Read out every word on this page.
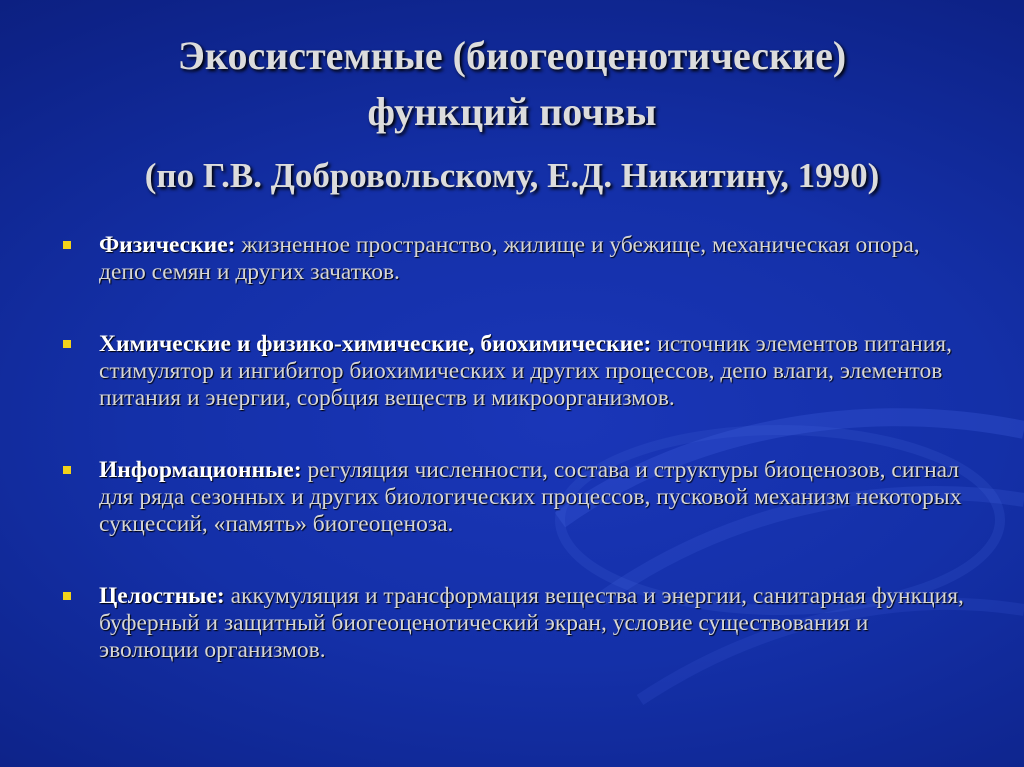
Экосистемные (биогеоценотические)
функций почвы
(по Г.В. Добровольскому, Е.Д. Никитину, 1990)
Физические: жизненное пространство, жилище и убежище, механическая опора, депо семян и других зачатков.
Химические и физико-химические, биохимические: источник элементов питания, стимулятор и ингибитор биохимических и других процессов, депо влаги, элементов питания и энергии, сорбция веществ и микроорганизмов.
Информационные: регуляция численности, состава и структуры биоценозов, сигнал для ряда сезонных и других биологических процессов, пусковой механизм некоторых сукцессий, «память» биогеоценоза.
Целостные: аккумуляция и трансформация вещества и энергии, санитарная функция, буферный и защитный биогеоценотический экран, условие существования и эволюции организмов.
